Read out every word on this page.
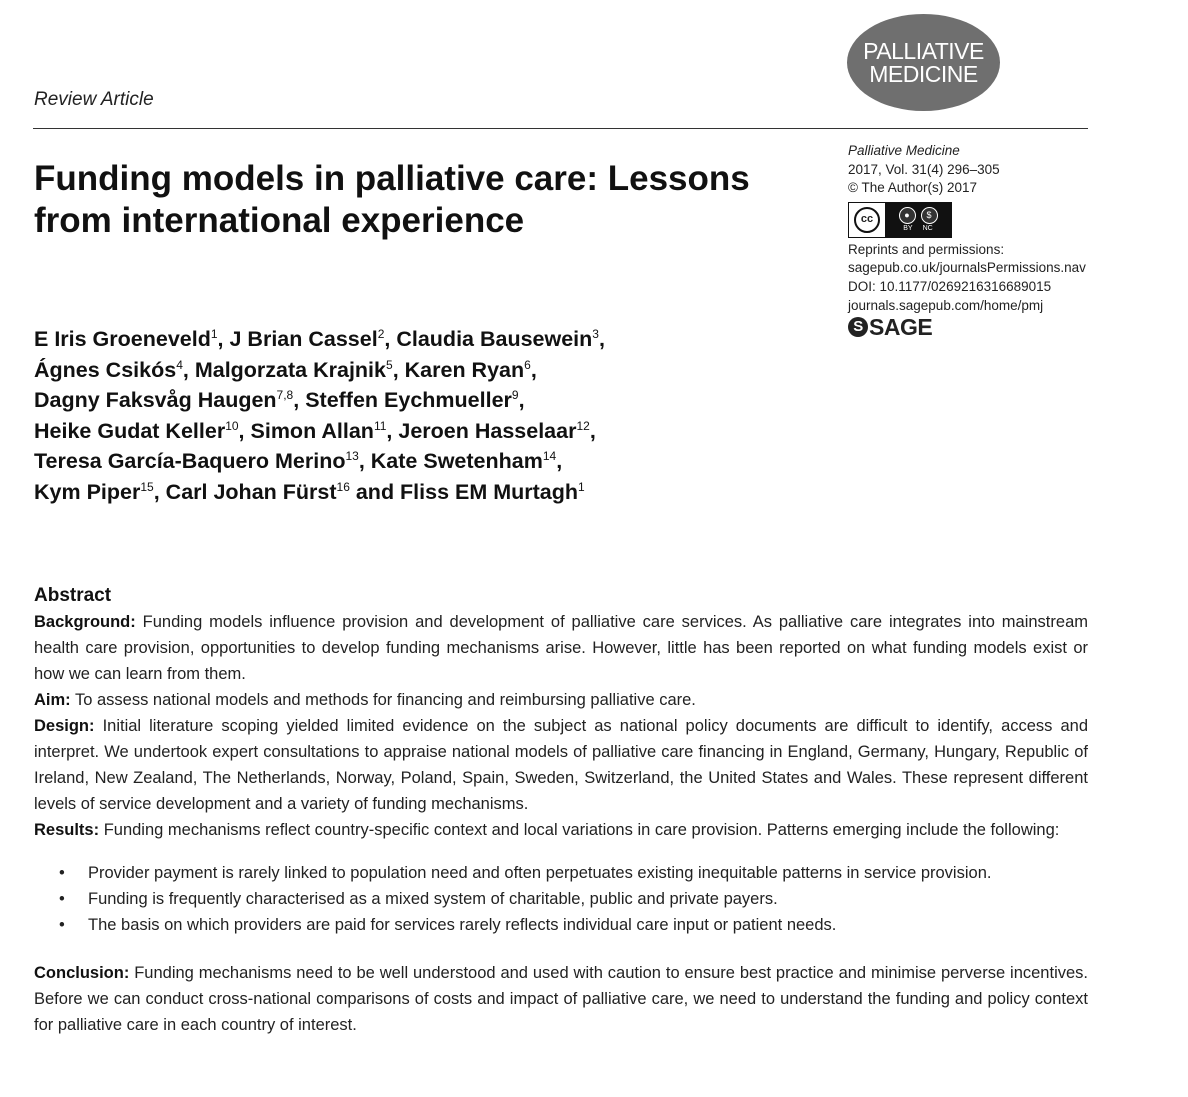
PALLIATIVE
MEDICINE
Review Article
Funding models in palliative care: Lessons from international experience
Palliative Medicine
2017, Vol. 31(4) 296–305
© The Author(s) 2017
cc	●	$
BY NC
Reprints and permissions:
sagepub.co.uk/journalsPermissions.nav
DOI: 10.1177/0269216316689015
journals.sagepub.com/home/pmj
S SAGE
E Iris Groeneveld$^1$, J Brian Cassel$^2$, Claudia Bausewein$^3$,
Ágnes Csikós$^4$, Malgorzata Krajnik$^5$, Karen Ryan$^6$,
Dagny Faksvåg Haugen$^{7,8}$, Steffen Eychmueller$^9$,
Heike Gudat Keller$^{10}$, Simon Allan$^{11}$, Jeroen Hasselaar$^{12}$,
Teresa García-Baquero Merino$^{13}$, Kate Swetenham$^{14}$,
Kym Piper$^{15}$, Carl Johan Fürst$^{16}$ and Fliss EM Murtagh$^1$
Abstract

Background: Funding models influence provision and development of palliative care services. As palliative care integrates into mainstream health care provision, opportunities to develop funding mechanisms arise. However, little has been reported on what funding models exist or how we can learn from them.

Aim: To assess national models and methods for financing and reimbursing palliative care.

Design: Initial literature scoping yielded limited evidence on the subject as national policy documents are difficult to identify, access and interpret. We undertook expert consultations to appraise national models of palliative care financing in England, Germany, Hungary, Republic of Ireland, New Zealand, The Netherlands, Norway, Poland, Spain, Sweden, Switzerland, the United States and Wales. These represent different levels of service development and a variety of funding mechanisms.

Results: Funding mechanisms reflect country-specific context and local variations in care provision. Patterns emerging include the following:

• Provider payment is rarely linked to population need and often perpetuates existing inequitable patterns in service provision.
• Funding is frequently characterised as a mixed system of charitable, public and private payers.
• The basis on which providers are paid for services rarely reflects individual care input or patient needs.

Conclusion: Funding mechanisms need to be well understood and used with caution to ensure best practice and minimise perverse incentives. Before we can conduct cross-national comparisons of costs and impact of palliative care, we need to understand the funding and policy context for palliative care in each country of interest.
